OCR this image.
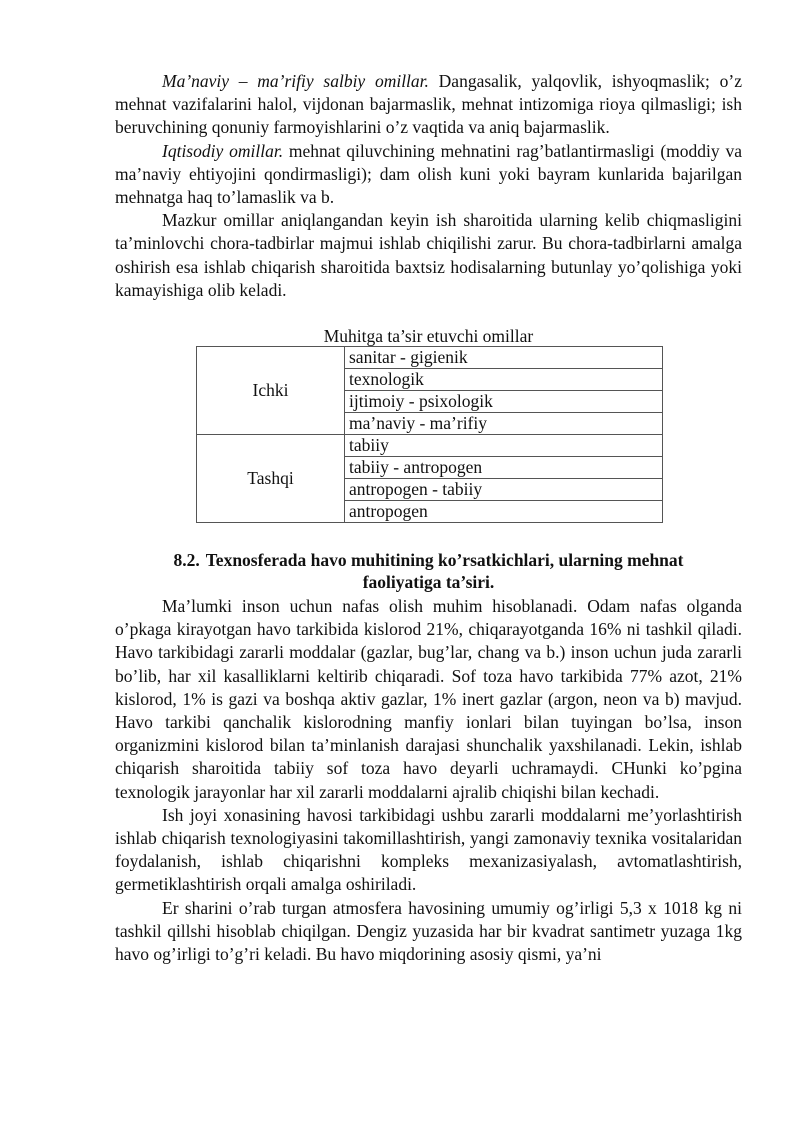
Ma’naviy – ma’rifiy salbiy omillar. Dangasalik, yalqovlik, ishyoqmaslik; o’z mehnat vazifalarini halol, vijdonan bajarmaslik, mehnat intizomiga rioya qilmasligi; ish beruvchining qonuniy farmoyishlarini o’z vaqtida va aniq bajarmaslik.

Iqtisodiy omillar. mehnat qiluvchining mehnatini rag’batlantirmasligi (moddiy va ma’naviy ehtiyojini qondirmasligi); dam olish kuni yoki bayram kunlarida bajarilgan mehnatga haq to’lamaslik va b.

Mazkur omillar aniqlangandan keyin ish sharoitida ularning kelib chiqmasligini ta’minlovchi chora-tadbirlar majmui ishlab chiqilishi zarur. Bu chora-tadbirlarni amalga oshirish esa ishlab chiqarish sharoitida baxtsiz hodisalarning butunlay yo’qolishiga yoki kamayishiga olib keladi.

Muhitga ta’sir etuvchi omillar

Ichki	sanitar - gigienik
	texnologik
	ijtimoiy - psixologik
	ma’naviy - ma’rifiy
Tashqi	tabiiy
	tabiiy - antropogen
	antropogen - tabiiy
	antropogen
8.2. Texnosferada havo muhitining ko’rsatkichlari, ularning mehnat
faoliyatiga ta’siri.

Ma’lumki inson uchun nafas olish muhim hisoblanadi. Odam nafas olganda o’pkaga kirayotgan havo tarkibida kislorod 21%, chiqarayotganda 16% ni tashkil qiladi. Havo tarkibidagi zararli moddalar (gazlar, bug’lar, chang va b.) inson uchun juda zararli bo’lib, har xil kasalliklarni keltirib chiqaradi. Sof toza havo tarkibida 77% azot, 21% kislorod, 1% is gazi va boshqa aktiv gazlar, 1% inert gazlar (argon, neon va b) mavjud. Havo tarkibi qanchalik kislorodning manfiy ionlari bilan tuyingan bo’lsa, inson organizmini kislorod bilan ta’minlanish darajasi shunchalik yaxshilanadi. Lekin, ishlab chiqarish sharoitida tabiiy sof toza havo deyarli uchramaydi. CHunki ko’pgina texnologik jarayonlar har xil zararli moddalarni ajralib chiqishi bilan kechadi.

Ish joyi xonasining havosi tarkibidagi ushbu zararli moddalarni me’yorlashtirish ishlab chiqarish texnologiyasini takomillashtirish, yangi zamonaviy texnika vositalaridan foydalanish, ishlab chiqarishni kompleks mexanizasiyalash, avtomatlashtirish, germetiklashtirish orqali amalga oshiriladi.

Er sharini o’rab turgan atmosfera havosining umumiy og’irligi 5,3 x 1018 kg ni tashkil qillshi hisoblab chiqilgan. Dengiz yuzasida har bir kvadrat santimetr yuzaga 1kg havo og’irligi to’g’ri keladi. Bu havo miqdorining asosiy qismi, ya’ni
